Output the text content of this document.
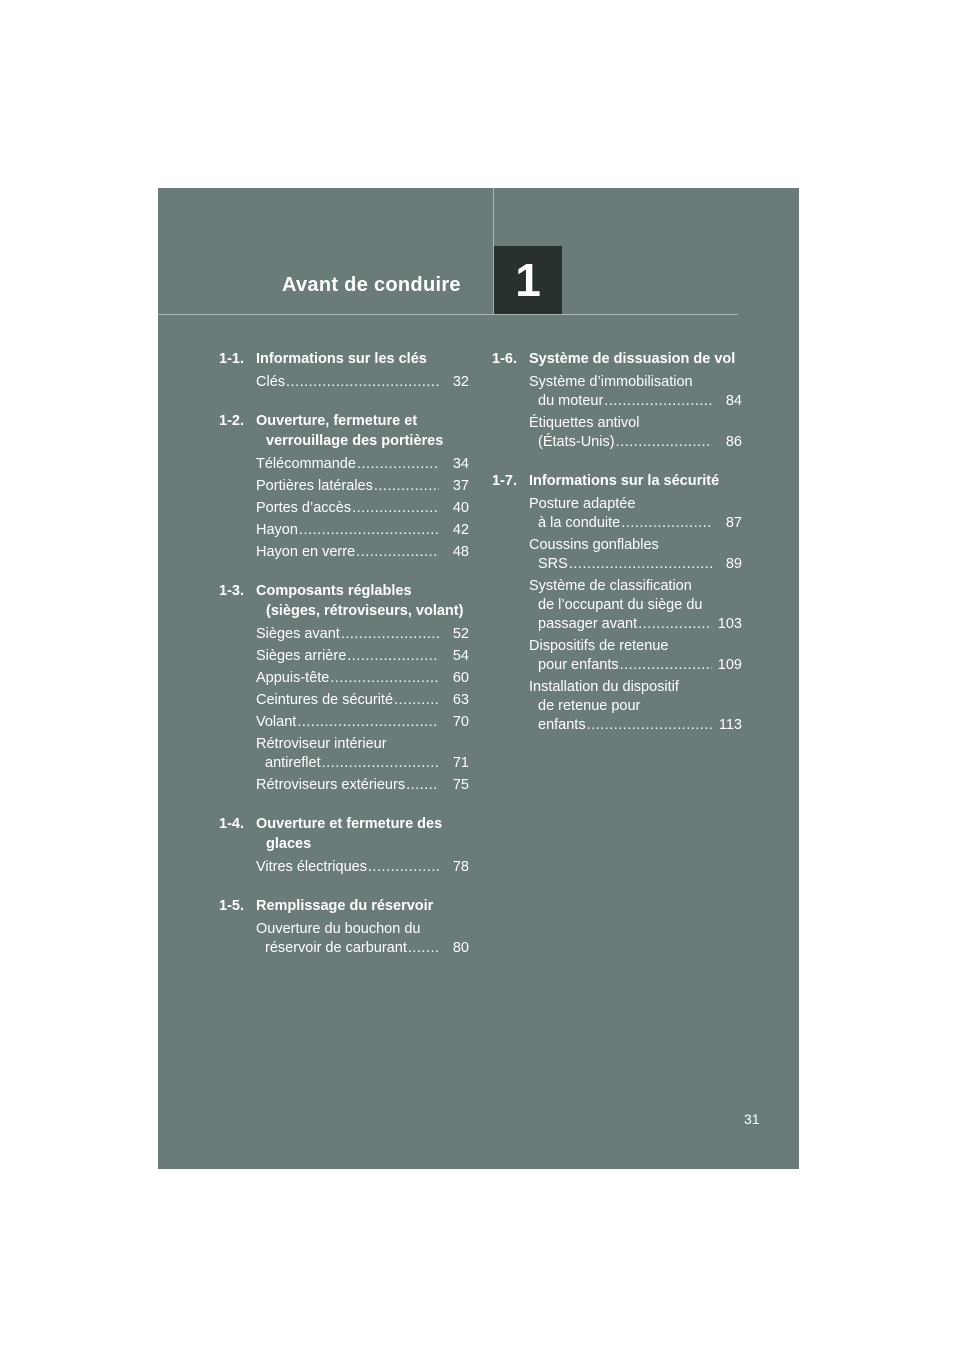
Avant de conduire	1
1-1. Informations sur les clés
Clés .....	32
1-2. Ouverture, fermeture et verrouillage des portières
Télécommande .....	34
Portières latérales .....	37
Portes d’accès .....	40
Hayon .....	42
Hayon en verre .....	48
1-3. Composants réglables (sièges, rétroviseurs, volant)
Sièges avant .....	52
Sièges arrière .....	54
Appuis-tête .....	60
Ceintures de sécurité .....	63
Volant .....	70
Rétroviseur intérieur
antireflet .....	71
Rétroviseurs extérieurs .....	75
1-4. Ouverture et fermeture des glaces
Vitres électriques .....	78
1-5. Remplissage du réservoir
Ouverture du bouchon du
réservoir de carburant .....	80
1-6. Système de dissuasion de vol
Système d’immobilisation
du moteur .....	84
Étiquettes antivol
(États-Unis) .....	86
1-7. Informations sur la sécurité
Posture adaptée
à la conduite .....	87
Coussins gonflables
SRS .....	89
Système de classification
de l’occupant du siège du
passager avant .....	103
Dispositifs de retenue
pour enfants .....	109
Installation du dispositif
de retenue pour
enfants .....	113
31
